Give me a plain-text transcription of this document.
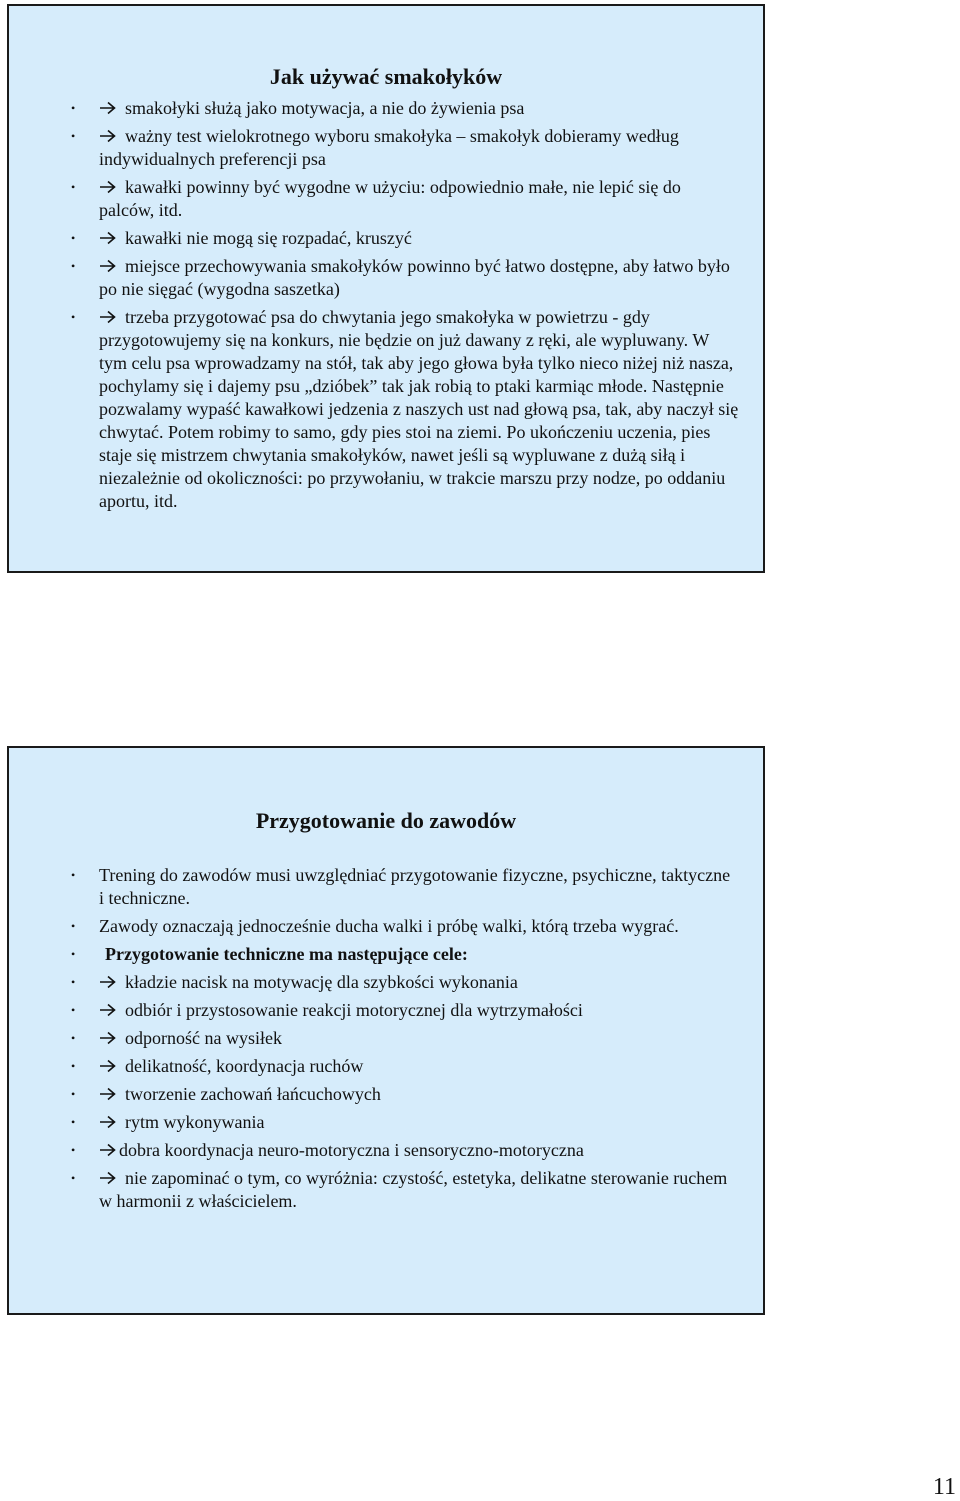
Jak używać smakołyków
•	smakołyki służą jako motywacja, a nie do żywienia psa
•	ważny test wielokrotnego wyboru smakołyka – smakołyk dobieramy według indywidualnych preferencji psa
•	kawałki powinny być wygodne w użyciu: odpowiednio małe, nie lepić się do palców, itd.
•	kawałki nie mogą się rozpadać, kruszyć
•	miejsce przechowywania smakołyków powinno być łatwo dostępne, aby łatwo było po nie sięgać (wygodna saszetka)
•	trzeba przygotować psa do chwytania jego smakołyka w powietrzu - gdy przygotowujemy się na konkurs, nie będzie on już dawany z ręki, ale wypluwany. W tym celu psa wprowadzamy na stół, tak aby jego głowa była tylko nieco niżej niż nasza, pochylamy się i dajemy psu „dzióbek” tak jak robią to ptaki karmiąc młode. Następnie pozwalamy wypaść kawałkowi jedzenia z naszych ust nad głową psa, tak, aby naczył się chwytać. Potem robimy to samo, gdy pies stoi na ziemi. Po ukończeniu uczenia, pies staje się mistrzem chwytania smakołyków, nawet jeśli są wypluwane z dużą siłą i niezależnie od okoliczności: po przywołaniu, w trakcie marszu przy nodze, po oddaniu aportu, itd.
Przygotowanie do zawodów
• Trening do zawodów musi uwzględniać przygotowanie fizyczne, psychiczne, taktyczne i techniczne.
• Zawody oznaczają jednocześnie ducha walki i próbę walki, którą trzeba wygrać.
• Przygotowanie techniczne ma następujące cele:
•	kładzie nacisk na motywację dla szybkości wykonania
•	odbiór i przystosowanie reakcji motorycznej dla wytrzymałości
•	odporność na wysiłek
•	delikatność, koordynacja ruchów
•	tworzenie zachowań łańcuchowych
•	rytm wykonywania
• dobra koordynacja neuro-motoryczna i sensoryczno-motoryczna
•	nie zapominać o tym, co wyróżnia: czystość, estetyka, delikatne sterowanie ruchem w harmonii z właścicielem.
11
